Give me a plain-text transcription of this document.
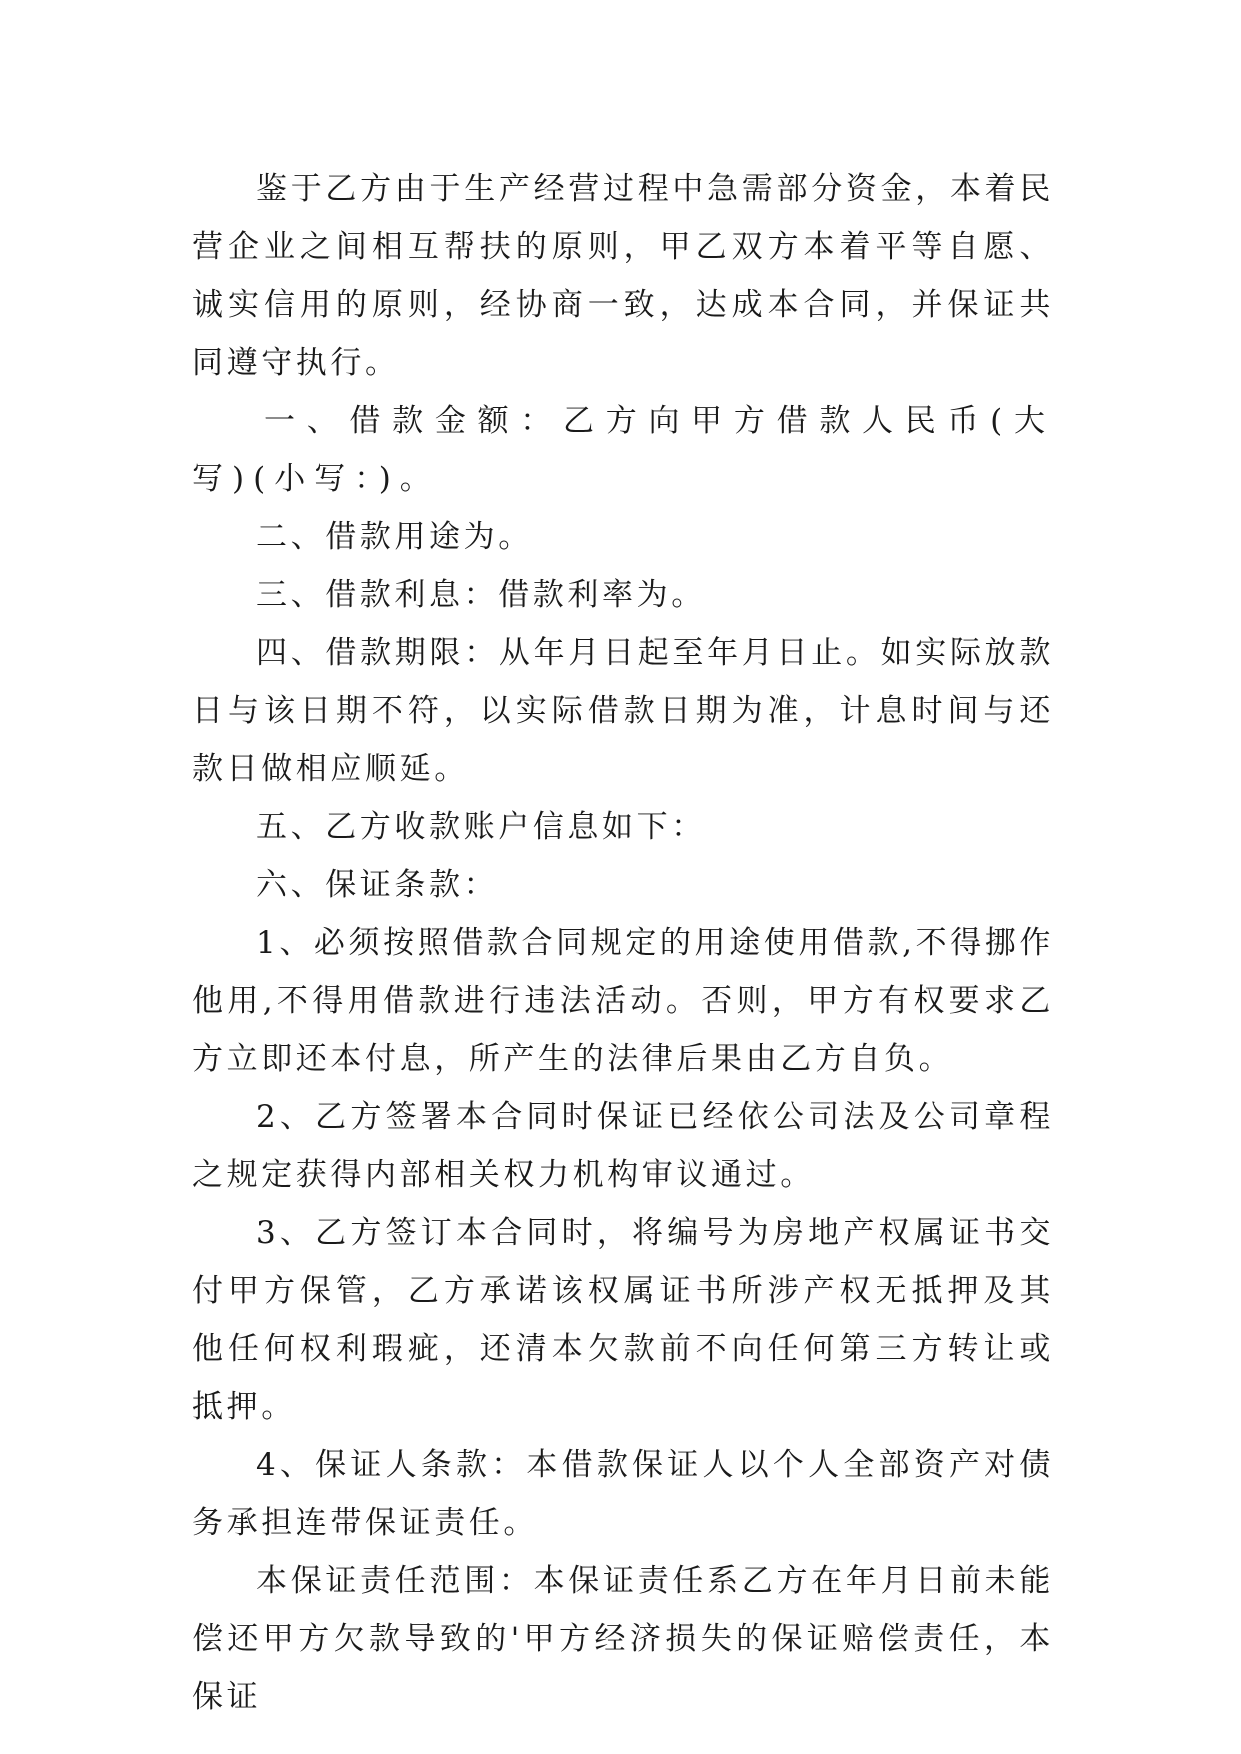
鉴于乙方由于生产经营过程中急需部分资金，本着民营企业之间相互帮扶的原则，甲乙双方本着平等自愿、诚实信用的原则，经协商一致，达成本合同，并保证共同遵守执行。

一、借款金额：乙方向甲方借款人民币(大写)(小写：)。

二、借款用途为。

三、借款利息：借款利率为。

四、借款期限：从年月日起至年月日止。如实际放款日与该日期不符，以实际借款日期为准，计息时间与还款日做相应顺延。

五、乙方收款账户信息如下：

六、保证条款：

1、必须按照借款合同规定的用途使用借款,不得挪作他用,不得用借款进行违法活动。否则，甲方有权要求乙方立即还本付息，所产生的法律后果由乙方自负。

2、乙方签署本合同时保证已经依公司法及公司章程之规定获得内部相关权力机构审议通过。

3、乙方签订本合同时，将编号为房地产权属证书交付甲方保管，乙方承诺该权属证书所涉产权无抵押及其他任何权利瑕疵，还清本欠款前不向任何第三方转让或抵押。

4、保证人条款：本借款保证人以个人全部资产对债务承担连带保证责任。

本保证责任范围：本保证责任系乙方在年月日前未能偿还甲方欠款导致的'甲方经济损失的保证赔偿责任，本保证
